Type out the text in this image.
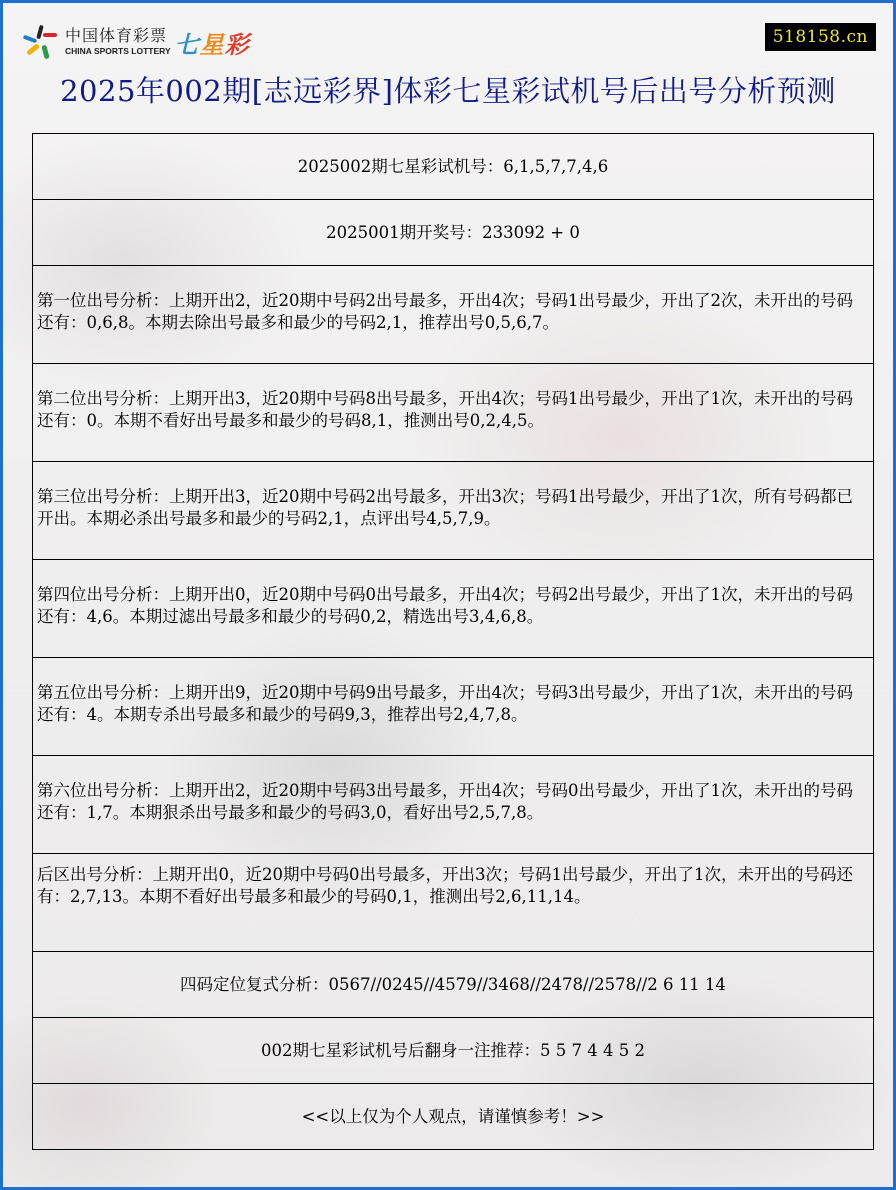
中国体育彩票
CHINA SPORTS LOTTERY 七星彩	518158.cn
2025年002期[志远彩界]体彩七星彩试机号后出号分析预测
2025002期七星彩试机号：6,1,5,7,7,4,6
2025001期开奖号：233092 + 0
第一位出号分析：上期开出2，近20期中号码2出号最多，开出4次；号码1出号最少，开出了2次，未开出的号码还有：0,6,8。本期去除出号最多和最少的号码2,1，推荐出号0,5,6,7。
第二位出号分析：上期开出3，近20期中号码8出号最多，开出4次；号码1出号最少，开出了1次，未开出的号码还有：0。本期不看好出号最多和最少的号码8,1，推测出号0,2,4,5。
第三位出号分析：上期开出3，近20期中号码2出号最多，开出3次；号码1出号最少，开出了1次，所有号码都已开出。本期必杀出号最多和最少的号码2,1，点评出号4,5,7,9。
第四位出号分析：上期开出0，近20期中号码0出号最多，开出4次；号码2出号最少，开出了1次，未开出的号码还有：4,6。本期过滤出号最多和最少的号码0,2，精选出号3,4,6,8。
第五位出号分析：上期开出9，近20期中号码9出号最多，开出4次；号码3出号最少，开出了1次，未开出的号码还有：4。本期专杀出号最多和最少的号码9,3，推荐出号2,4,7,8。
第六位出号分析：上期开出2，近20期中号码3出号最多，开出4次；号码0出号最少，开出了1次，未开出的号码还有：1,7。本期狠杀出号最多和最少的号码3,0，看好出号2,5,7,8。
后区出号分析：上期开出0，近20期中号码0出号最多，开出3次；号码1出号最少，开出了1次，未开出的号码还有：2,7,13。本期不看好出号最多和最少的号码0,1，推测出号2,6,11,14。
四码定位复式分析：0567//0245//4579//3468//2478//2578//2 6 11 14
002期七星彩试机号后翻身一注推荐：5 5 7 4 4 5 2
<<以上仅为个人观点，请谨慎参考！>>
